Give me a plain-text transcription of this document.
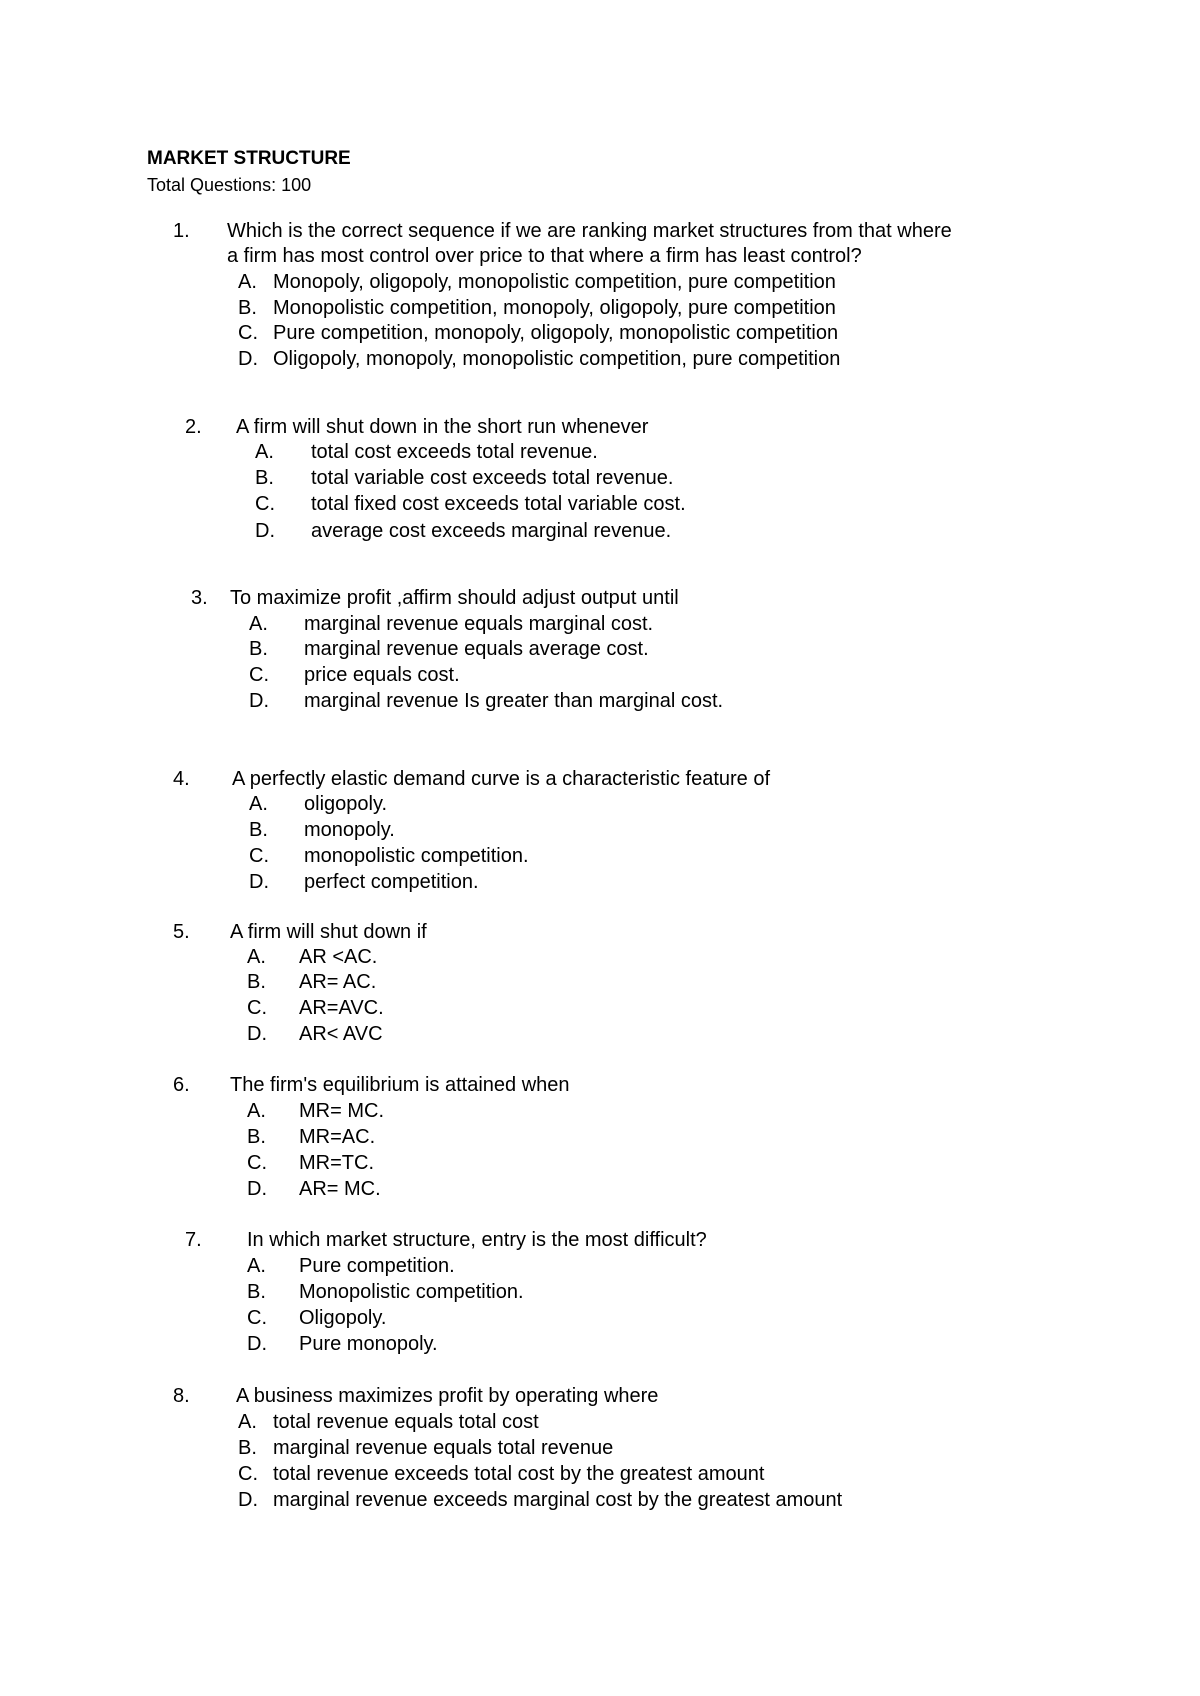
MARKET STRUCTURE
Total Questions: 100
1. Which is the correct sequence if we are ranking market structures from that where
a firm has most control over price to that where a firm has least control?
A. Monopoly, oligopoly, monopolistic competition, pure competition
B. Monopolistic competition, monopoly, oligopoly, pure competition
C. Pure competition, monopoly, oligopoly, monopolistic competition
D. Oligopoly, monopoly, monopolistic competition, pure competition
2. A firm will shut down in the short run whenever
A. total cost exceeds total revenue.
B. total variable cost exceeds total revenue.
C. total fixed cost exceeds total variable cost.
D. average cost exceeds marginal revenue.
3. To maximize profit ,affirm should adjust output until
A. marginal revenue equals marginal cost.
B. marginal revenue equals average cost.
C. price equals cost.
D. marginal revenue Is greater than marginal cost.
4. A perfectly elastic demand curve is a characteristic feature of
A. oligopoly.
B. monopoly.
C. monopolistic competition.
D. perfect competition.
5. A firm will shut down if
A. AR <AC.
B. AR= AC.
C. AR=AVC.
D. AR< AVC
6. The firm's equilibrium is attained when
A. MR= MC.
B. MR=AC.
C. MR=TC.
D. AR= MC.
7. In which market structure, entry is the most difficult?
A. Pure competition.
B. Monopolistic competition.
C. Oligopoly.
D. Pure monopoly.
8. A business maximizes profit by operating where
A. total revenue equals total cost
B. marginal revenue equals total revenue
C. total revenue exceeds total cost by the greatest amount
D. marginal revenue exceeds marginal cost by the greatest amount
